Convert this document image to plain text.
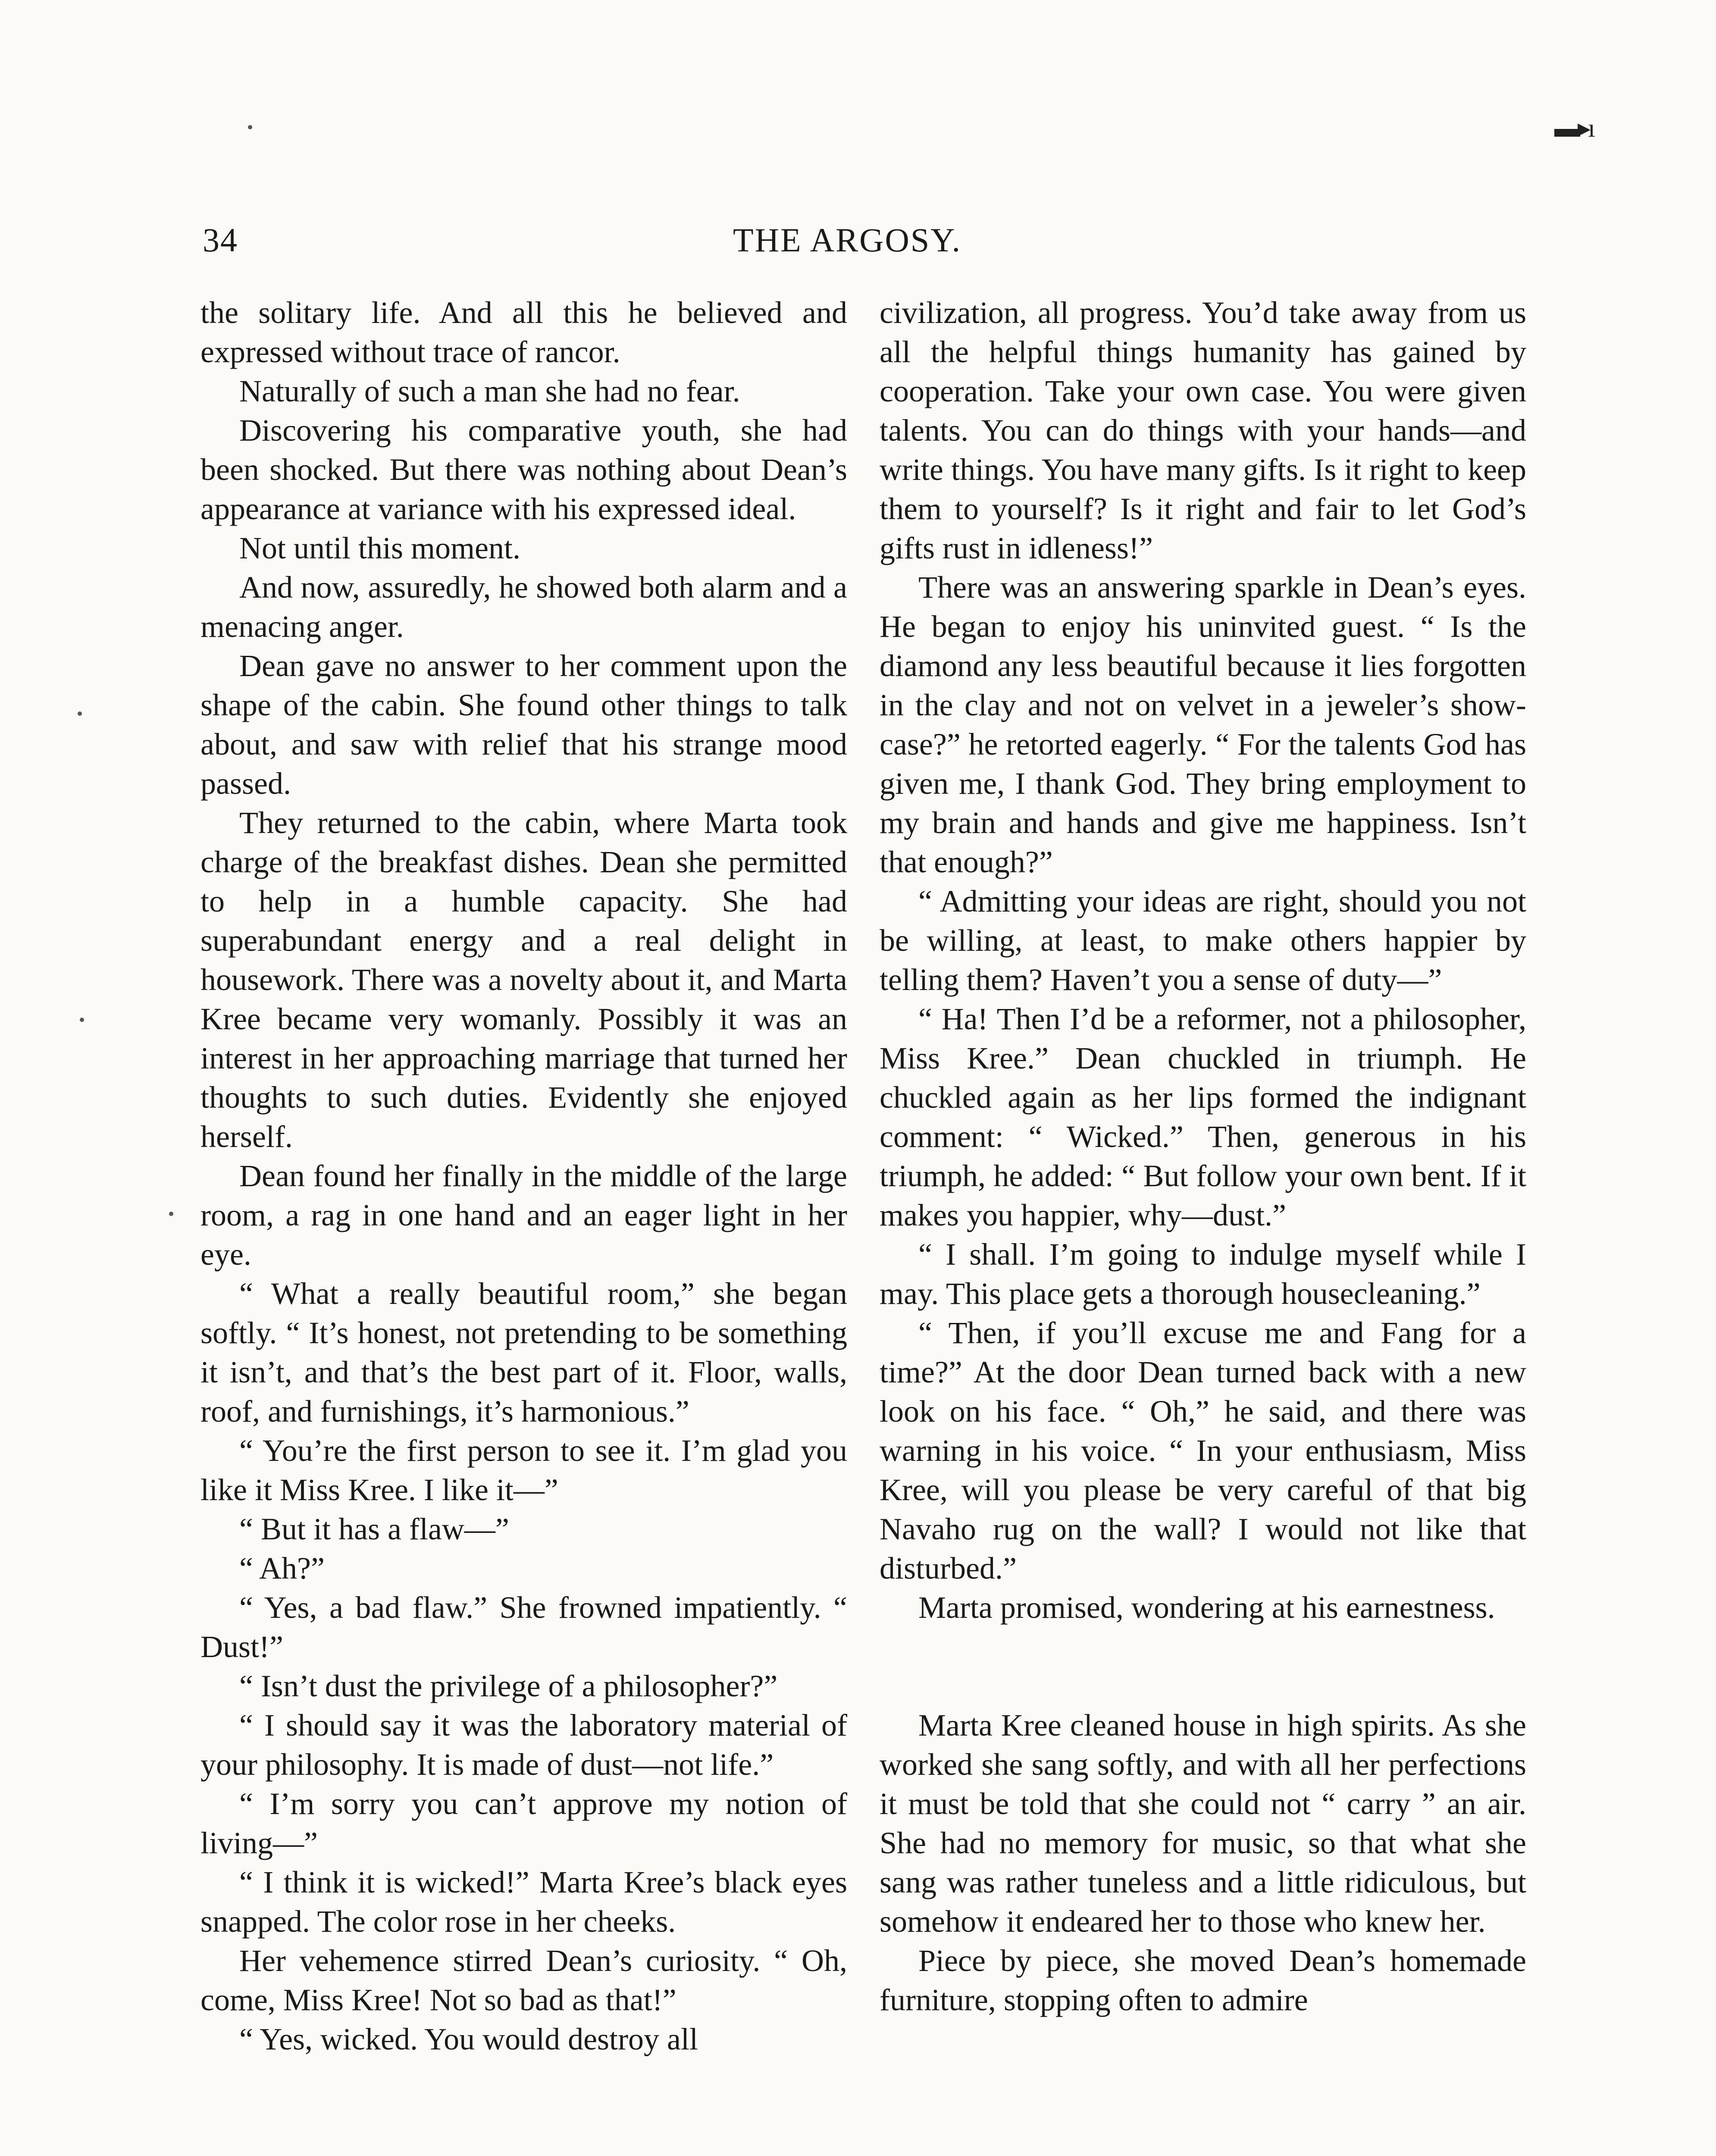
34	THE ARGOSY.
▬▸ı

the solitary life. And all this he believed and expressed without trace of rancor.

Naturally of such a man she had no fear.

Discovering his comparative youth, she had been shocked. But there was nothing about Dean’s appearance at variance with his expressed ideal.

Not until this moment.

And now, assuredly, he showed both alarm and a menacing anger.

Dean gave no answer to her comment upon the shape of the cabin. She found other things to talk about, and saw with relief that his strange mood passed.

They returned to the cabin, where Marta took charge of the breakfast dishes. Dean she permitted to help in a humble capacity. She had superabundant energy and a real delight in housework. There was a novelty about it, and Marta Kree became very womanly. Possibly it was an interest in her approaching marriage that turned her thoughts to such duties. Evidently she enjoyed herself.

Dean found her finally in the middle of the large room, a rag in one hand and an eager light in her eye.

“ What a really beautiful room,” she began softly. “ It’s honest, not pretending to be something it isn’t, and that’s the best part of it. Floor, walls, roof, and furnishings, it’s harmonious.”

“ You’re the first person to see it. I’m glad you like it Miss Kree. I like it—”

“ But it has a flaw—”

“ Ah?”

“ Yes, a bad flaw.” She frowned impatiently. “ Dust!”

“ Isn’t dust the privilege of a philosopher?”

“ I should say it was the laboratory material of your philosophy. It is made of dust—not life.”

“ I’m sorry you can’t approve my notion of living—”

“ I think it is wicked!” Marta Kree’s black eyes snapped. The color rose in her cheeks.

Her vehemence stirred Dean’s curiosity. “ Oh, come, Miss Kree! Not so bad as that!”

“ Yes, wicked. You would destroy all

civilization, all progress. You’d take away from us all the helpful things humanity has gained by cooperation. Take your own case. You were given talents. You can do things with your hands—and write things. You have many gifts. Is it right to keep them to yourself? Is it right and fair to let God’s gifts rust in idleness!”

There was an answering sparkle in Dean’s eyes. He began to enjoy his uninvited guest. “ Is the diamond any less beautiful because it lies forgotten in the clay and not on velvet in a jeweler’s show-case?” he retorted eagerly. “ For the talents God has given me, I thank God. They bring employment to my brain and hands and give me happiness. Isn’t that enough?”

“ Admitting your ideas are right, should you not be willing, at least, to make others happier by telling them? Haven’t you a sense of duty—”

“ Ha! Then I’d be a reformer, not a philosopher, Miss Kree.” Dean chuckled in triumph. He chuckled again as her lips formed the indignant comment: “ Wicked.” Then, generous in his triumph, he added: “ But follow your own bent. If it makes you happier, why—dust.”

“ I shall. I’m going to indulge myself while I may. This place gets a thorough housecleaning.”

“ Then, if you’ll excuse me and Fang for a time?” At the door Dean turned back with a new look on his face. “ Oh,” he said, and there was warning in his voice. “ In your enthusiasm, Miss Kree, will you please be very careful of that big Navaho rug on the wall? I would not like that disturbed.”

Marta promised, wondering at his earnestness.

Marta Kree cleaned house in high spirits. As she worked she sang softly, and with all her perfections it must be told that she could not “ carry ” an air. She had no memory for music, so that what she sang was rather tuneless and a little ridiculous, but somehow it endeared her to those who knew her.

Piece by piece, she moved Dean’s homemade furniture, stopping often to admire
